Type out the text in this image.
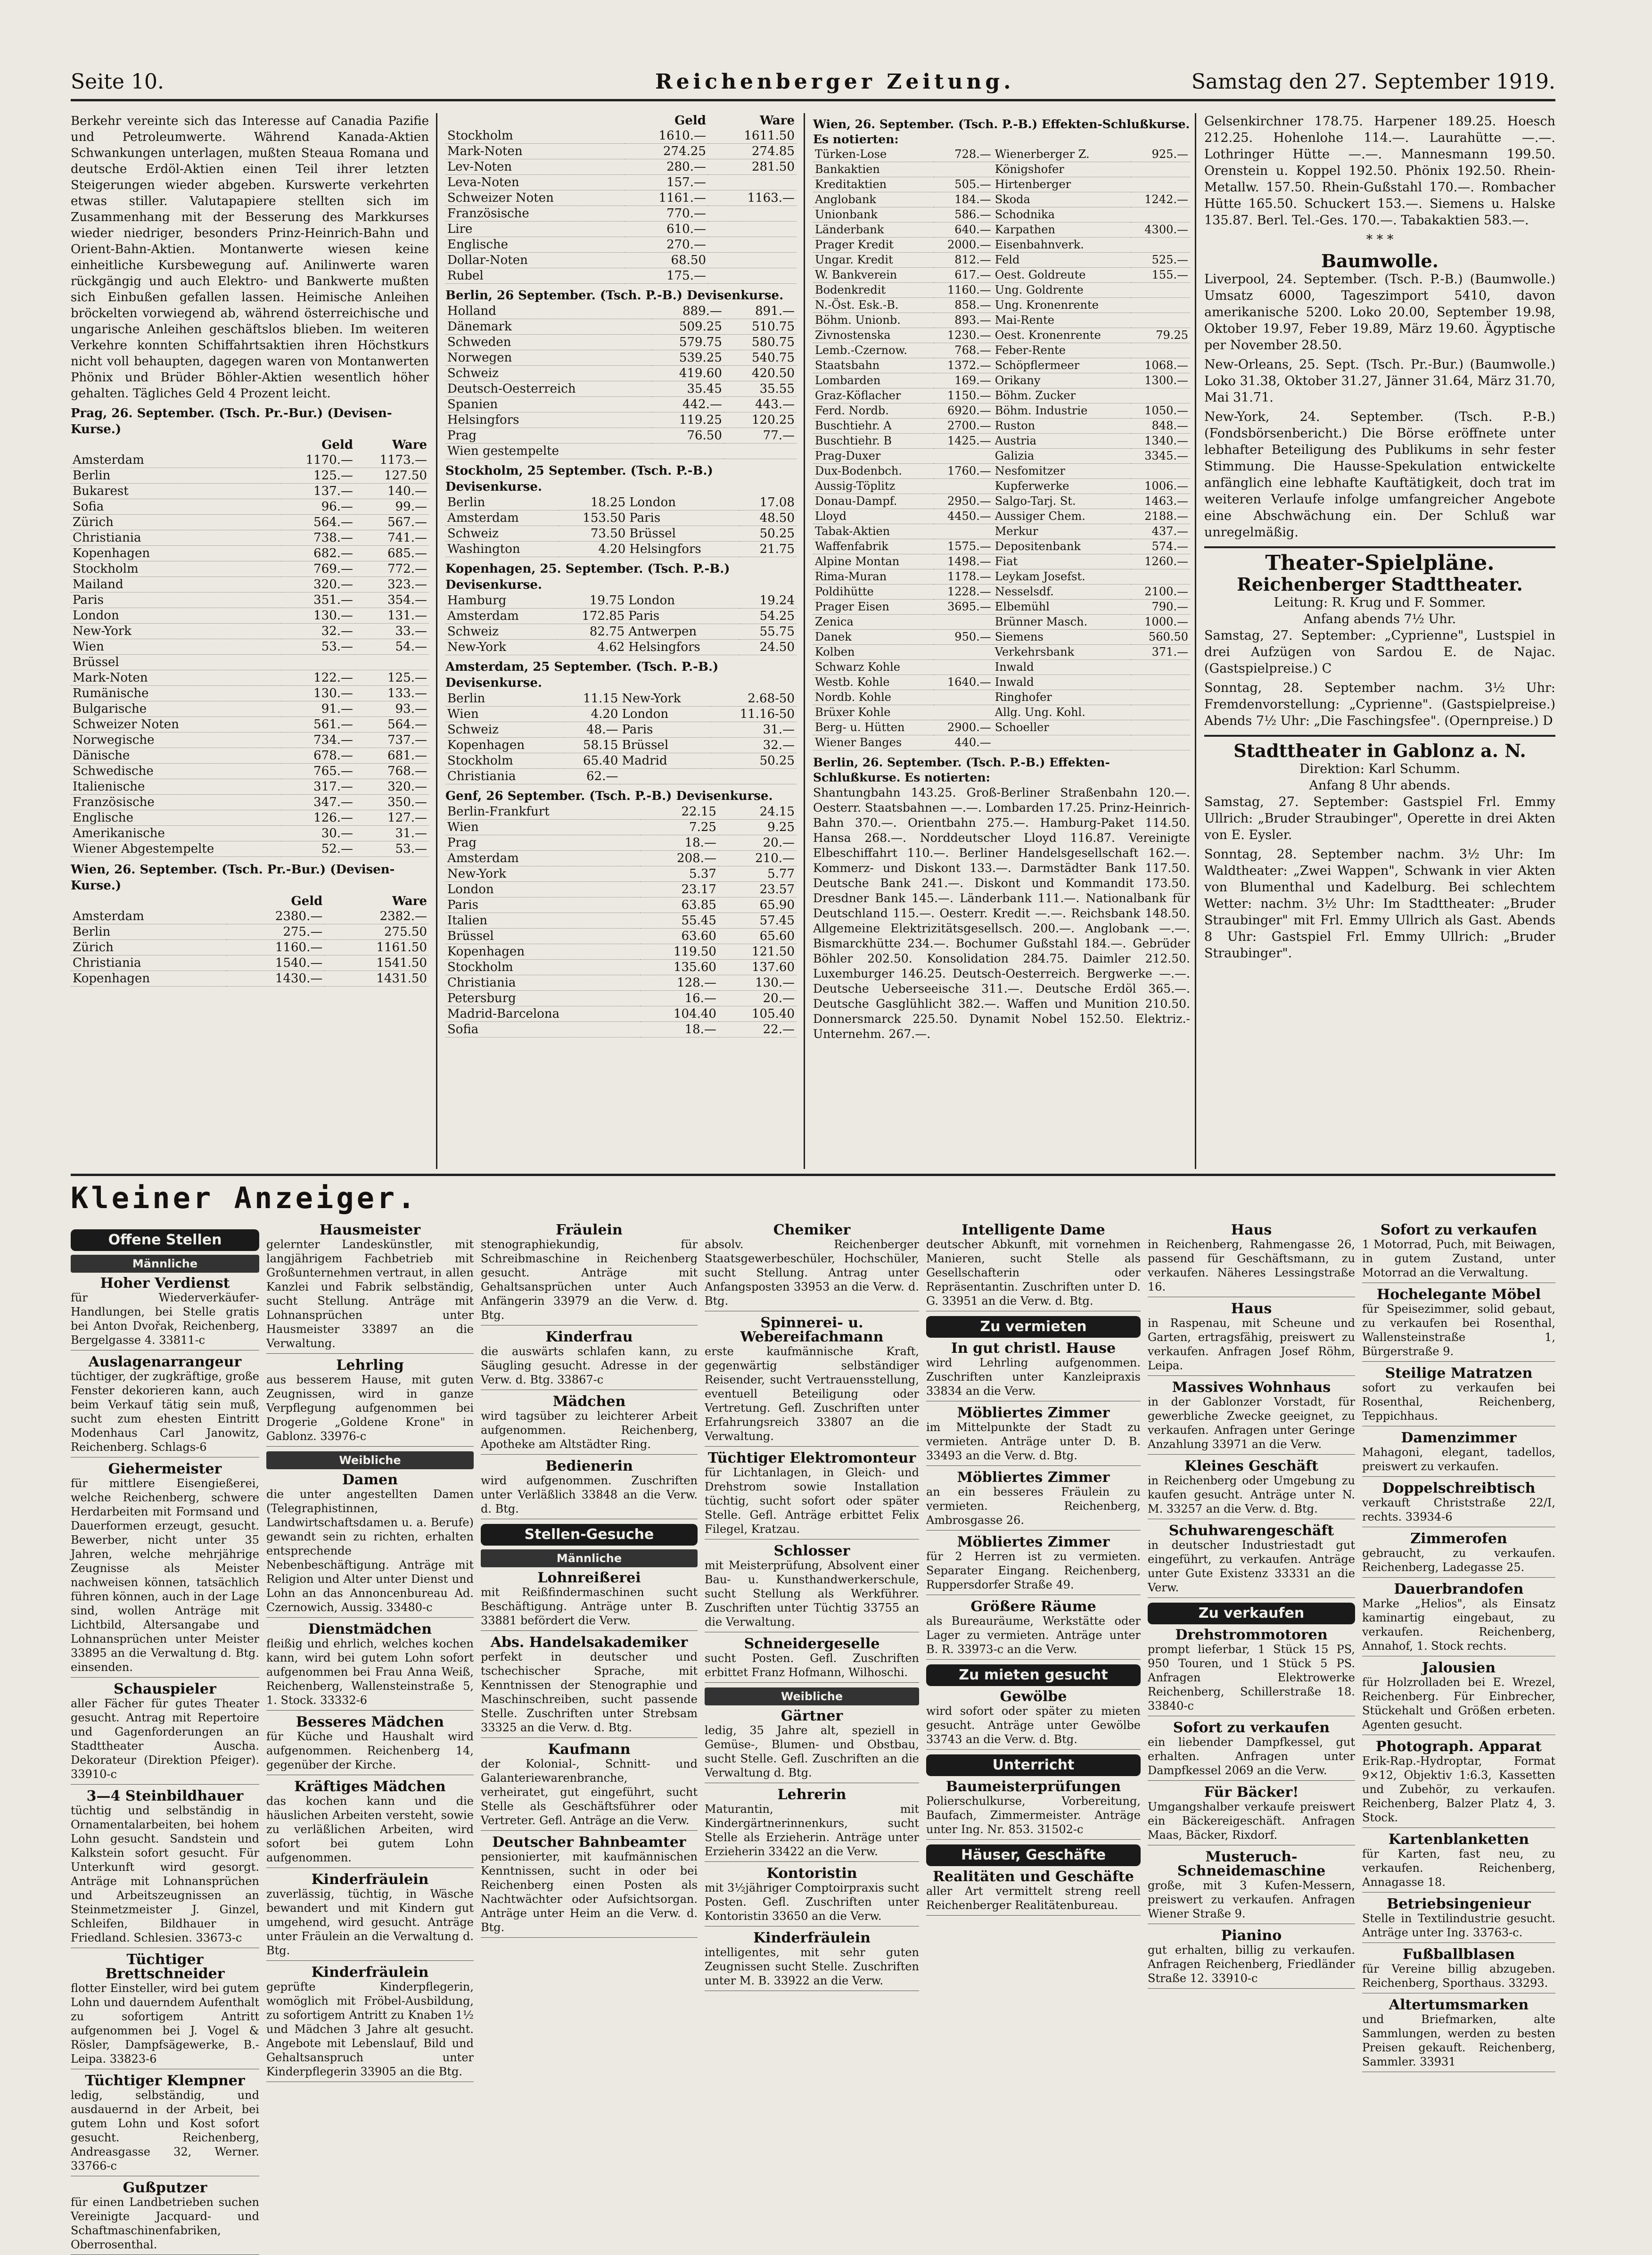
Seite 10.	Reichenberger Zeitung.	Samstag den 27. September 1919.

Berkehr vereinte sich das Interesse auf Canadia Pazifie und Petroleumwerte. Während Kanada-Aktien Schwankungen unterlagen, mußten Steaua Romana und deutsche Erdöl-Aktien einen Teil ihrer letzten Steigerungen wieder abgeben. Kurswerte verkehrten etwas stiller. Valutapapiere stellten sich im Zusammenhang mit der Besserung des Markkurses wieder niedriger, besonders Prinz-Heinrich-Bahn und Orient-Bahn-Aktien. Montanwerte wiesen keine einheitliche Kursbewegung auf. Anilinwerte waren rückgängig und auch Elektro- und Bankwerte mußten sich Einbußen gefallen lassen. Heimische Anleihen bröckelten vorwiegend ab, während österreichische und ungarische Anleihen geschäftslos blieben. Im weiteren Verkehre konnten Schiffahrtsaktien ihren Höchstkurs nicht voll behaupten, dagegen waren von Montanwerten Phönix und Brüder Böhler-Aktien wesentlich höher gehalten. Tägliches Geld 4 Prozent leicht.

Prag, 26. September. (Tsch. Pr.-Bur.) (Devisen-Kurse.)
	Geld	Ware
Amsterdam	1170.—	1173.—
Berlin	125.—	127.50
Bukarest	137.—	140.—
Sofia	96.—	99.—
Zürich	564.—	567.—
Christiania	738.—	741.—
Kopenhagen	682.—	685.—
Stockholm	769.—	772.—
Mailand	320.—	323.—
Paris	351.—	354.—
London	130.—	131.—
New-York	32.—	33.—
Wien	53.—	54.—
Brüssel		
Mark-Noten	122.—	125.—
Rumänische	130.—	133.—
Bulgarische	91.—	93.—
Schweizer Noten	561.—	564.—
Norwegische	734.—	737.—
Dänische	678.—	681.—
Schwedische	765.—	768.—
Italienische	317.—	320.—
Französische	347.—	350.—
Englische	126.—	127.—
Amerikanische	30.—	31.—
Wiener Abgestempelte	52.—	53.—
Wien, 26. September. (Tsch. Pr.-Bur.) (Devisen-Kurse.)
	Geld	Ware
Amsterdam	2380.—	2382.—
Berlin	275.—	275.50
Zürich	1160.—	1161.50
Christiania	1540.—	1541.50
Kopenhagen	1430.—	1431.50
	Geld	Ware
Stockholm	1610.—	1611.50
Mark-Noten	274.25	274.85
Lev-Noten	280.—	281.50
Leva-Noten	157.—	
Schweizer Noten	1161.—	1163.—
Französische	770.—	
Lire	610.—	
Englische	270.—	
Dollar-Noten	68.50	
Rubel	175.—	
Berlin, 26 September. (Tsch. P.-B.) Devisenkurse.
Holland	889.—	891.—
Dänemark	509.25	510.75
Schweden	579.75	580.75
Norwegen	539.25	540.75
Schweiz	419.60	420.50
Deutsch-Oesterreich	35.45	35.55
Spanien	442.—	443.—
Helsingfors	119.25	120.25
Prag	76.50	77.—
Wien gestempelte		
Stockholm, 25 September. (Tsch. P.-B.) Devisenkurse.
Berlin	18.25	London	17.08
Amsterdam	153.50	Paris	48.50
Schweiz	73.50	Brüssel	50.25
Washington	4.20	Helsingfors	21.75
Kopenhagen, 25. September. (Tsch. P.-B.) Devisenkurse.
Hamburg	19.75	London	19.24
Amsterdam	172.85	Paris	54.25
Schweiz	82.75	Antwerpen	55.75
New-York	4.62	Helsingfors	24.50
Amsterdam, 25 September. (Tsch. P.-B.) Devisenkurse.
Berlin	11.15	New-York	2.68-50
Wien	4.20	London	11.16-50
Schweiz	48.—	Paris	31.—
Kopenhagen	58.15	Brüssel	32.—
Stockholm	65.40	Madrid	50.25
Christiania	62.—		
Genf, 26 September. (Tsch. P.-B.) Devisenkurse.
Berlin-Frankfurt	22.15	24.15
Wien	7.25	9.25
Prag	18.—	20.—
Amsterdam	208.—	210.—
New-York	5.37	5.77
London	23.17	23.57
Paris	63.85	65.90
Italien	55.45	57.45
Brüssel	63.60	65.60
Kopenhagen	119.50	121.50
Stockholm	135.60	137.60
Christiania	128.—	130.—
Petersburg	16.—	20.—
Madrid-Barcelona	104.40	105.40
Sofia	18.—	22.—
Wien, 26. September. (Tsch. P.-B.) Effekten-Schlußkurse. Es notierten:
Türken-Lose	728.—	Wienerberger Z.	925.—
Bankaktien		Königshofer	
Kreditaktien	505.—	Hirtenberger	
Anglobank	184.—	Skoda	1242.—
Unionbank	586.—	Schodnika	
Länderbank	640.—	Karpathen	4300.—
Prager Kredit	2000.—	Eisenbahnverk.	
Ungar. Kredit	812.—	Feld	525.—
W. Bankverein	617.—	Oest. Goldreute	155.—
Bodenkredit	1160.—	Ung. Goldrente	
N.-Öst. Esk.-B.	858.—	Ung. Kronenrente	
Böhm. Unionb.	893.—	Mai-Rente	
Zivnostenska	1230.—	Oest. Kronenrente	79.25
Lemb.-Czernow.	768.—	Feber-Rente	
Staatsbahn	1372.—	Schöpflermeer	1068.—
Lombarden	169.—	Orikany	1300.—
Graz-Köflacher	1150.—	Böhm. Zucker	
Ferd. Nordb.	6920.—	Böhm. Industrie	1050.—
Buschtiehr. A	2700.—	Ruston	848.—
Buschtiehr. B	1425.—	Austria	1340.—
Prag-Duxer		Galizia	3345.—
Dux-Bodenbch.	1760.—	Nesfomitzer	
Aussig-Töplitz		Kupferwerke	1006.—
Donau-Dampf.	2950.—	Salgo-Tarj. St.	1463.—
Lloyd	4450.—	Aussiger Chem.	2188.—
Tabak-Aktien		Merkur	437.—
Waffenfabrik	1575.—	Depositenbank	574.—
Alpine Montan	1498.—	Fiat	1260.—
Rima-Muran	1178.—	Leykam Josefst.	
Poldihütte	1228.—	Nesselsdf.	2100.—
Prager Eisen	3695.—	Elbemühl	790.—
Zenica		Brünner Masch.	1000.—
Danek	950.—	Siemens	560.50
Kolben		Verkehrsbank	371.—
Schwarz Kohle		Inwald	
Westb. Kohle	1640.—	Inwald	
Nordb. Kohle		Ringhofer	
Brüxer Kohle		Allg. Ung. Kohl.	
Berg- u. Hütten	2900.—	Schoeller	
Wiener Banges	440.—		
Berlin, 26. September. (Tsch. P.-B.) Effekten-Schlußkurse. Es notierten:

Shantungbahn 143.25. Groß-Berliner Straßenbahn 120.—. Oesterr. Staatsbahnen —.—. Lombarden 17.25. Prinz-Heinrich-Bahn 370.—. Orientbahn 275.—. Hamburg-Paket 114.50. Hansa 268.—. Norddeutscher Lloyd 116.87. Vereinigte Elbeschiffahrt 110.—. Berliner Handelsgesellschaft 162.—. Kommerz- und Diskont 133.—. Darmstädter Bank 117.50. Deutsche Bank 241.—. Diskont und Kommandit 173.50. Dresdner Bank 145.—. Länderbank 111.—. Nationalbank für Deutschland 115.—. Oesterr. Kredit —.—. Reichsbank 148.50. Allgemeine Elektrizitätsgesellsch. 200.—. Anglobank —.—. Bismarckhütte 234.—. Bochumer Gußstahl 184.—. Gebrüder Böhler 202.50. Konsolidation 284.75. Daimler 212.50. Luxemburger 146.25. Deutsch-Oesterreich. Bergwerke —.—. Deutsche Ueberseeische 311.—. Deutsche Erdöl 365.—. Deutsche Gasglühlicht 382.—. Waffen und Munition 210.50. Donnersmarck 225.50. Dynamit Nobel 152.50. Elektriz.-Unternehm. 267.—.

Gelsenkirchner 178.75. Harpener 189.25. Hoesch 212.25. Hohenlohe 114.—. Laurahütte —.—. Lothringer Hütte —.—. Mannesmann 199.50. Orenstein u. Koppel 192.50. Phönix 192.50. Rhein-Metallw. 157.50. Rhein-Gußstahl 170.—. Rombacher Hütte 165.50. Schuckert 153.—. Siemens u. Halske 135.87. Berl. Tel.-Ges. 170.—. Tabakaktien 583.—.

* * *
Baumwolle.

Liverpool, 24. September. (Tsch. P.-B.) (Baumwolle.) Umsatz 6000, Tageszimport 5410, davon amerikanische 5200. Loko 20.00, September 19.98, Oktober 19.97, Feber 19.89, März 19.60. Ägyptische per November 28.50.

New-Orleans, 25. Sept. (Tsch. Pr.-Bur.) (Baumwolle.) Loko 31.38, Oktober 31.27, Jänner 31.64, März 31.70, Mai 31.71.

New-York, 24. September. (Tsch. P.-B.) (Fondsbörsenbericht.) Die Börse eröffnete unter lebhafter Beteiligung des Publikums in sehr fester Stimmung. Die Hausse-Spekulation entwickelte anfänglich eine lebhafte Kauftätigkeit, doch trat im weiteren Verlaufe infolge umfangreicher Angebote eine Abschwächung ein. Der Schluß war unregelmäßig.

Theater-Spielpläne.
Reichenberger Stadttheater.
Leitung: R. Krug und F. Sommer.
Anfang abends 7½ Uhr.

Samstag, 27. September: „Cyprienne", Lustspiel in drei Aufzügen von Sardou E. de Najac. (Gastspielpreise.) C

Sonntag, 28. September nachm. 3½ Uhr: Fremdenvorstellung: „Cyprienne". (Gastspielpreise.) Abends 7½ Uhr: „Die Faschingsfee". (Opernpreise.) D

Stadttheater in Gablonz a. N.
Direktion: Karl Schumm.
Anfang 8 Uhr abends.

Samstag, 27. September: Gastspiel Frl. Emmy Ullrich: „Bruder Straubinger", Operette in drei Akten von E. Eysler.

Sonntag, 28. September nachm. 3½ Uhr: Im Waldtheater: „Zwei Wappen", Schwank in vier Akten von Blumenthal und Kadelburg. Bei schlechtem Wetter: nachm. 3½ Uhr: Im Stadttheater: „Bruder Straubinger" mit Frl. Emmy Ullrich als Gast. Abends 8 Uhr: Gastspiel Frl. Emmy Ullrich: „Bruder Straubinger".

Kleiner Anzeiger.
Offene Stellen
Männliche
Hoher Verdienst

für Wiederverkäufer-Handlungen, bei Stelle gratis bei Anton Dvořak, Reichenberg, Bergelgasse 4. 33811-c

Auslagenarrangeur

tüchtiger, der zugkräftige, große Fenster dekorieren kann, auch beim Verkauf tätig sein muß, sucht zum ehesten Eintritt Modenhaus Carl Janowitz, Reichenberg. Schlags-6

Giehermeister

für mittlere Eisengießerei, welche Reichenberg, schwere Herdarbeiten mit Formsand und Dauerformen erzeugt, gesucht. Bewerber, nicht unter 35 Jahren, welche mehrjährige Zeugnisse als Meister nachweisen können, tatsächlich führen können, auch in der Lage sind, wollen Anträge mit Lichtbild, Altersangabe und Lohnansprüchen unter Meister 33895 an die Verwaltung d. Btg. einsenden.

Schauspieler

aller Fächer für gutes Theater gesucht. Antrag mit Repertoire und Gagenforderungen an Stadttheater Auscha. Dekorateur (Direktion Pfeiger). 33910-c

3—4 Steinbildhauer

tüchtig und selbständig in Ornamentalarbeiten, bei hohem Lohn gesucht. Sandstein und Kalkstein sofort gesucht. Für Unterkunft wird gesorgt. Anträge mit Lohnansprüchen und Arbeitszeugnissen an Steinmetzmeister J. Ginzel, Schleifen, Bildhauer in Friedland. Schlesien. 33673-c

Tüchtiger Brettschneider

flotter Einsteller, wird bei gutem Lohn und dauerndem Aufenthalt zu sofortigem Antritt aufgenommen bei J. Vogel & Rösler, Dampfsägewerke, B.-Leipa. 33823-6

Tüchtiger Klempner

ledig, selbständig, und ausdauernd in der Arbeit, bei gutem Lohn und Kost sofort gesucht. Reichenberg, Andreasgasse 32, Werner. 33766-c

Gußputzer

für einen Landbetrieben suchen Vereinigte Jacquard- und Schaftmaschinenfabriken, Oberrosenthal.

Hausmeister

gelernter Landeskünstler, mit langjährigem Fachbetrieb mit Großunternehmen vertraut, in allen Kanzlei und Fabrik selbständig, sucht Stellung. Anträge mit Lohnansprüchen unter Hausmeister 33897 an die Verwaltung.

Lehrling

aus besserem Hause, mit guten Zeugnissen, wird in ganze Verpflegung aufgenommen bei Drogerie „Goldene Krone" in Gablonz. 33976-c

Weibliche
Damen

die unter angestellten Damen (Telegraphistinnen, Landwirtschaftsdamen u. a. Berufe) gewandt sein zu richten, erhalten entsprechende Nebenbeschäftigung. Anträge mit Religion und Alter unter Dienst und Lohn an das Annoncenbureau Ad. Czernowich, Aussig. 33480-c

Dienstmädchen

fleißig und ehrlich, welches kochen kann, wird bei gutem Lohn sofort aufgenommen bei Frau Anna Weiß, Reichenberg, Wallensteinstraße 5, 1. Stock. 33332-6

Besseres Mädchen

für Küche und Haushalt wird aufgenommen. Reichenberg 14, gegenüber der Kirche.

Kräftiges Mädchen

das kochen kann und die häuslichen Arbeiten versteht, sowie zu verläßlichen Arbeiten, wird sofort bei gutem Lohn aufgenommen.

Kinderfräulein

zuverlässig, tüchtig, in Wäsche bewandert und mit Kindern gut umgehend, wird gesucht. Anträge unter Fräulein an die Verwaltung d. Btg.

Kinderfräulein

geprüfte Kinderpflegerin, womöglich mit Fröbel-Ausbildung, zu sofortigem Antritt zu Knaben 1½ und Mädchen 3 Jahre alt gesucht. Angebote mit Lebenslauf, Bild und Gehaltsanspruch unter Kinderpflegerin 33905 an die Btg.

Fräulein

stenographiekundig, für Schreibmaschine in Reichenberg gesucht. Anträge mit Gehaltsansprüchen unter Auch Anfängerin 33979 an die Verw. d. Btg.

Kinderfrau

die auswärts schlafen kann, zu Säugling gesucht. Adresse in der Verw. d. Btg. 33867-c

Mädchen

wird tagsüber zu leichterer Arbeit aufgenommen. Reichenberg, Apotheke am Altstädter Ring.

Bedienerin

wird aufgenommen. Zuschriften unter Verläßlich 33848 an die Verw. d. Btg.

Stellen-Gesuche
Männliche
Lohnreißerei

mit Reißfindermaschinen sucht Beschäftigung. Anträge unter B. 33881 befördert die Verw.

Abs. Handelsakademiker

perfekt in deutscher und tschechischer Sprache, mit Kenntnissen der Stenographie und Maschinschreiben, sucht passende Stelle. Zuschriften unter Strebsam 33325 an die Verw. d. Btg.

Kaufmann

der Kolonial-, Schnitt- und Galanteriewarenbranche, verheiratet, gut eingeführt, sucht Stelle als Geschäftsführer oder Vertreter. Gefl. Anträge an die Verw.

Deutscher Bahnbeamter

pensionierter, mit kaufmännischen Kenntnissen, sucht in oder bei Reichenberg einen Posten als Nachtwächter oder Aufsichtsorgan. Anträge unter Heim an die Verw. d. Btg.

Chemiker

absolv. Reichenberger Staatsgewerbeschüler, Hochschüler, sucht Stellung. Antrag unter Anfangsposten 33953 an die Verw. d. Btg.

Spinnerei- u. Webereifachmann

erste kaufmännische Kraft, gegenwärtig selbständiger Reisender, sucht Vertrauensstellung, eventuell Beteiligung oder Vertretung. Gefl. Zuschriften unter Erfahrungsreich 33807 an die Verwaltung.

Tüchtiger Elektromonteur

für Lichtanlagen, in Gleich- und Drehstrom sowie Installation tüchtig, sucht sofort oder später Stelle. Gefl. Anträge erbittet Felix Filegel, Kratzau.

Schlosser

mit Meisterprüfung, Absolvent einer Bau- u. Kunsthandwerkerschule, sucht Stellung als Werkführer. Zuschriften unter Tüchtig 33755 an die Verwaltung.

Schneidergeselle

sucht Posten. Gefl. Zuschriften erbittet Franz Hofmann, Wilhoschi.

Weibliche
Gärtner

ledig, 35 Jahre alt, speziell in Gemüse-, Blumen- und Obstbau, sucht Stelle. Gefl. Zuschriften an die Verwaltung d. Btg.

Lehrerin

Maturantin, mit Kindergärtnerinnenkurs, sucht Stelle als Erzieherin. Anträge unter Erzieherin 33422 an die Verw.

Kontoristin

mit 3½jähriger Comptoirpraxis sucht Posten. Gefl. Zuschriften unter Kontoristin 33650 an die Verw.

Kinderfräulein

intelligentes, mit sehr guten Zeugnissen sucht Stelle. Zuschriften unter M. B. 33922 an die Verw.

Intelligente Dame

deutscher Abkunft, mit vornehmen Manieren, sucht Stelle als Gesellschafterin oder Repräsentantin. Zuschriften unter D. G. 33951 an die Verw. d. Btg.

Zu vermieten
In gut christl. Hause

wird Lehrling aufgenommen. Zuschriften unter Kanzleipraxis 33834 an die Verw.

Möbliertes Zimmer

im Mittelpunkte der Stadt zu vermieten. Anträge unter D. B. 33493 an die Verw. d. Btg.

Möbliertes Zimmer

an ein besseres Fräulein zu vermieten. Reichenberg, Ambrosgasse 26.

Möbliertes Zimmer

für 2 Herren ist zu vermieten. Separater Eingang. Reichenberg, Ruppersdorfer Straße 49.

Größere Räume

als Bureauräume, Werkstätte oder Lager zu vermieten. Anträge unter B. R. 33973-c an die Verw.

Zu mieten gesucht
Gewölbe

wird sofort oder später zu mieten gesucht. Anträge unter Gewölbe 33743 an die Verw. d. Btg.

Unterricht
Baumeisterprüfungen

Polierschulkurse, Vorbereitung, Baufach, Zimmermeister. Anträge unter Ing. Nr. 853. 31502-c

Häuser, Geschäfte
Realitäten und Geschäfte

aller Art vermittelt streng reell Reichenberger Realitätenbureau.

Haus

in Reichenberg, Rahmengasse 26, passend für Geschäftsmann, zu verkaufen. Näheres Lessingstraße 16.

Haus

in Raspenau, mit Scheune und Garten, ertragsfähig, preiswert zu verkaufen. Anfragen Josef Röhm, Leipa.

Massives Wohnhaus

in der Gablonzer Vorstadt, für gewerbliche Zwecke geeignet, zu verkaufen. Anfragen unter Geringe Anzahlung 33971 an die Verw.

Kleines Geschäft

in Reichenberg oder Umgebung zu kaufen gesucht. Anträge unter N. M. 33257 an die Verw. d. Btg.

Schuhwarengeschäft

in deutscher Industriestadt gut eingeführt, zu verkaufen. Anträge unter Gute Existenz 33331 an die Verw.

Zu verkaufen
Drehstrommotoren

prompt lieferbar, 1 Stück 15 PS, 950 Touren, und 1 Stück 5 PS. Anfragen Elektrowerke Reichenberg, Schillerstraße 18. 33840-c

Sofort zu verkaufen

ein liebender Dampfkessel, gut erhalten. Anfragen unter Dampfkessel 2069 an die Verw.

Für Bäcker!

Umgangshalber verkaufe preiswert ein Bäckereigeschäft. Anfragen Maas, Bäcker, Rixdorf.

Musteruch-Schneidemaschine

große, mit 3 Kufen-Messern, preiswert zu verkaufen. Anfragen Wiener Straße 9.

Pianino

gut erhalten, billig zu verkaufen. Anfragen Reichenberg, Friedländer Straße 12. 33910-c

Sofort zu verkaufen

1 Motorrad, Puch, mit Beiwagen, in gutem Zustand, unter Motorrad an die Verwaltung.

Hochelegante Möbel

für Speisezimmer, solid gebaut, zu verkaufen bei Rosenthal, Wallensteinstraße 1, Bürgerstraße 9.

Steilige Matratzen

sofort zu verkaufen bei Rosenthal, Reichenberg, Teppichhaus.

Damenzimmer

Mahagoni, elegant, tadellos, preiswert zu verkaufen.

Doppelschreibtisch

verkauft Christstraße 22/I, rechts. 33934-6

Zimmerofen

gebraucht, zu verkaufen. Reichenberg, Ladegasse 25.

Dauerbrandofen

Marke „Helios", als Einsatz kaminartig eingebaut, zu verkaufen. Reichenberg, Annahof, 1. Stock rechts.

Jalousien

für Holzrolladen bei E. Wrezel, Reichenberg. Für Einbrecher, Stückehalt und Größen erbeten. Agenten gesucht.

Photograph. Apparat

Erik-Rap.-Hydroptar, Format 9×12, Objektiv 1:6.3, Kassetten und Zubehör, zu verkaufen. Reichenberg, Balzer Platz 4, 3. Stock.

Kartenblanketten

für Karten, fast neu, zu verkaufen. Reichenberg, Annagasse 18.

Betriebsingenieur

Stelle in Textilindustrie gesucht. Anträge unter Ing. 33763-c.

Fußballblasen

für Vereine billig abzugeben. Reichenberg, Sporthaus. 33293.

Altertumsmarken

und Briefmarken, alte Sammlungen, werden zu besten Preisen gekauft. Reichenberg, Sammler. 33931
